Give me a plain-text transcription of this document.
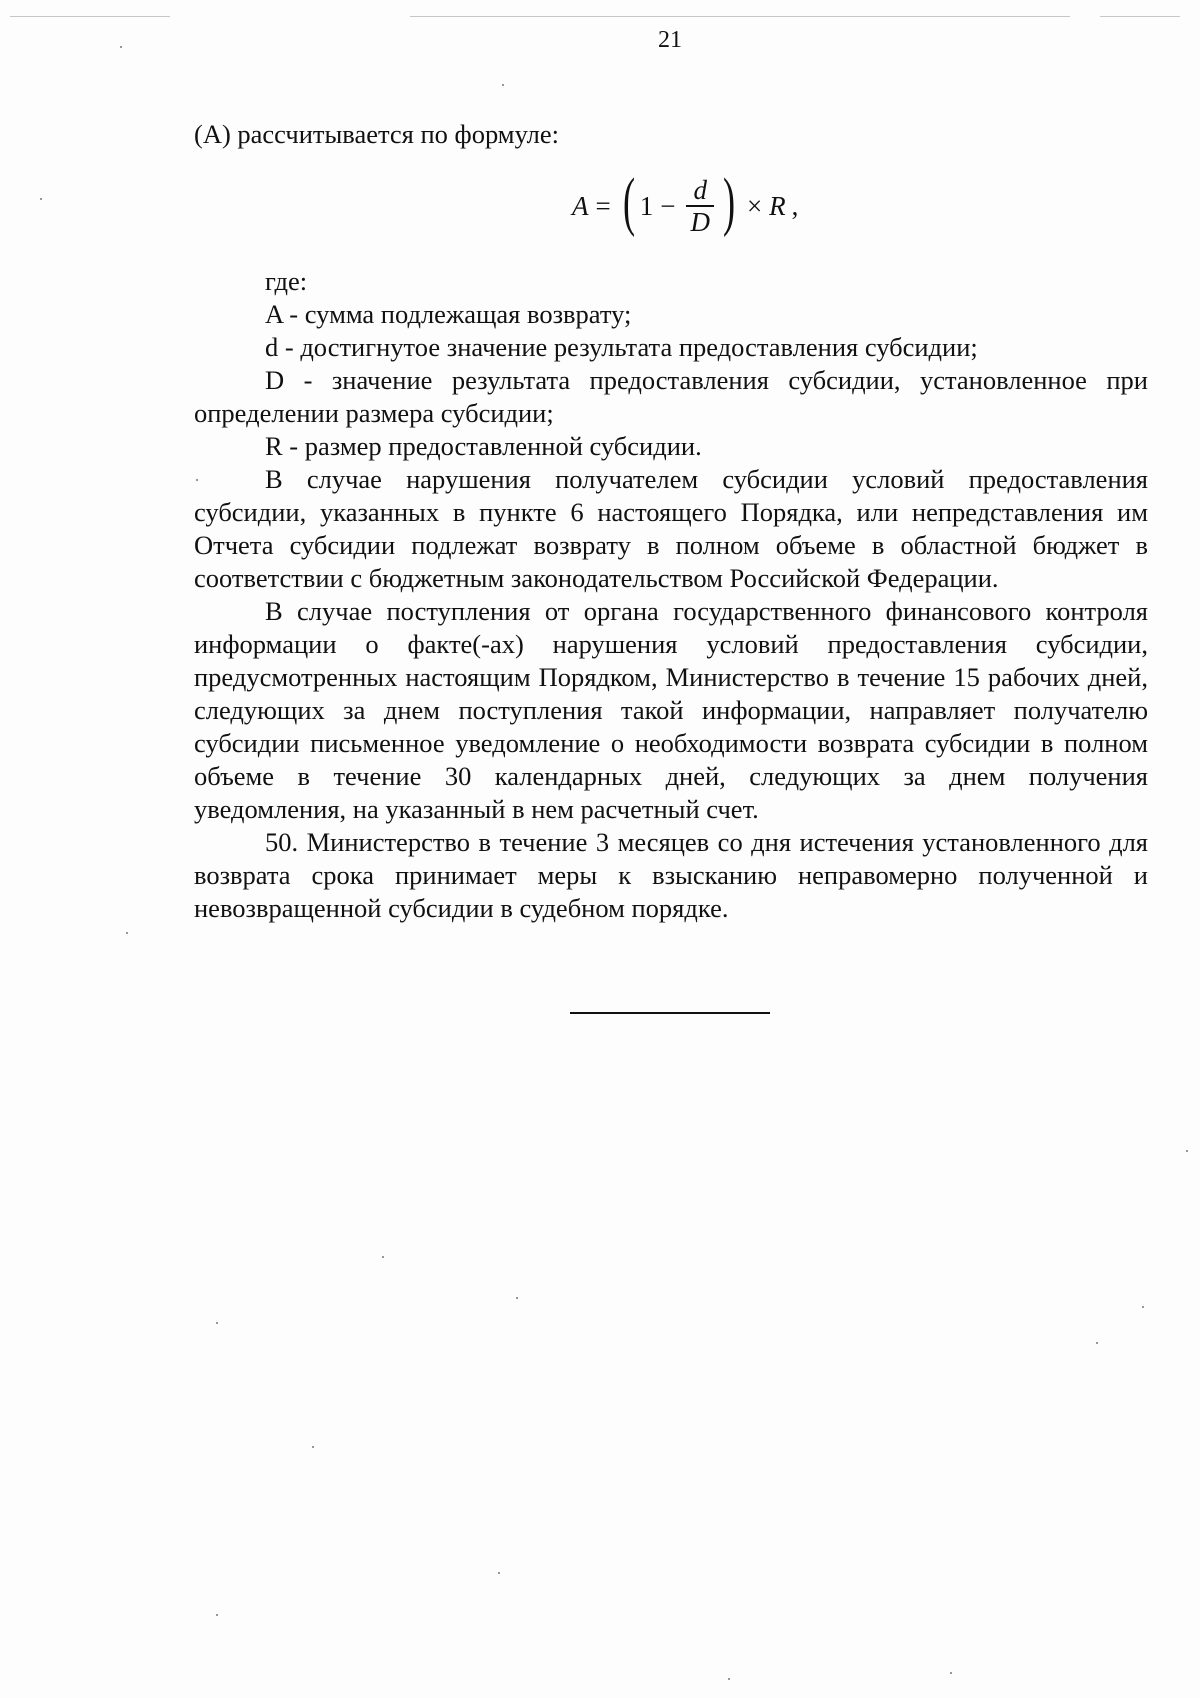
21

(А) рассчитывается по формуле:

A = ( $1 - \frac{d}{D}$ ) × R ,

где:

A - сумма подлежащая возврату;

d - достигнутое значение результата предоставления субсидии;

D - значение результата предоставления субсидии, установленное при определении размера субсидии;

R - размер предоставленной субсидии.

В случае нарушения получателем субсидии условий предоставления субсидии, указанных в пункте 6 настоящего Порядка, или непредставления им Отчета субсидии подлежат возврату в полном объеме в областной бюджет в соответствии с бюджетным законодательством Российской Федерации.

В случае поступления от органа государственного финансового контроля информации о факте(-ах) нарушения условий предоставления субсидии, предусмотренных настоящим Порядком, Министерство в течение 15 рабочих дней, следующих за днем поступления такой информации, направляет получателю субсидии письменное уведомление о необходимости возврата субсидии в полном объеме в течение 30 календарных дней, следующих за днем получения уведомления, на указанный в нем расчетный счет.

50. Министерство в течение 3 месяцев со дня истечения установленного для возврата срока принимает меры к взысканию неправомерно полученной и невозвращенной субсидии в судебном порядке.
